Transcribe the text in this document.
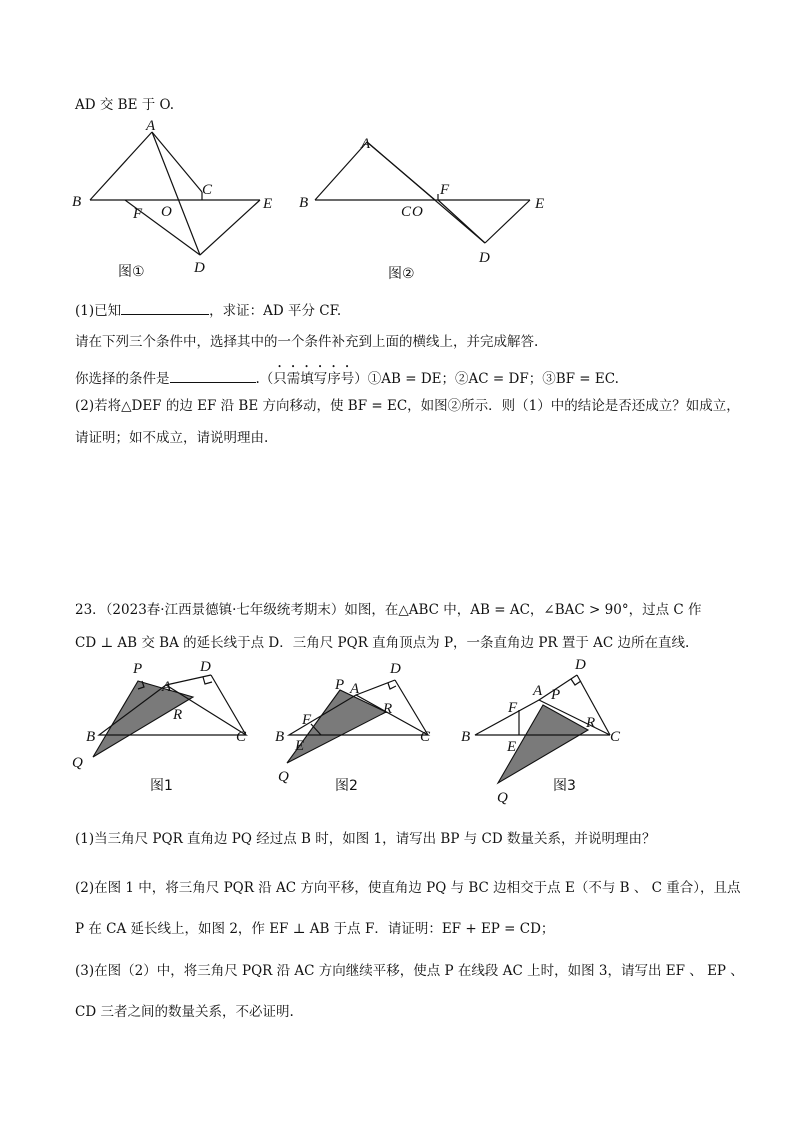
AD 交 BE 于 O.
A
B
C
F O	E
D
图①
A
B
C O
F
E
D
图②
(1)已知	，求证：AD 平分 CF.
请在下列三个条件中，选择其中的一个条件补充到上面的横线上，并完成解答.
你选择的条件是	.（只需填写序号）①AB = DE；②AC = DF；③BF = EC.
(2)若将△DEF 的边 EF 沿 BE 方向移动，使 BF = EC，如图②所示．则（1）中的结论是否还成立？如成立，
请证明；如不成立，请说明理由.
23．（2023春·江西景德镇·七年级统考期末）如图，在△ABC 中，AB = AC，∠BAC > 90°，过点 C 作
CD ⊥ AB 交 BA 的延长线于点 D．三角尺 PQR 直角顶点为 P，一条直角边 PR 置于 AC 边所在直线.
P	D
A
R
B	C
Q
图1
P A
D
F
R
B
E
C
Q
图2
D
A P
F
R
B
E
C
Q
图3
(1)当三角尺 PQR 直角边 PQ 经过点 B 时，如图 1，请写出 BP 与 CD 数量关系，并说明理由？
(2)在图 1 中，将三角尺 PQR 沿 AC 方向平移，使直角边 PQ 与 BC 边相交于点 E（不与 B 、 C 重合），且点
P 在 CA 延长线上，如图 2，作 EF ⊥ AB 于点 F．请证明：EF + EP = CD；
(3)在图（2）中，将三角尺 PQR 沿 AC 方向继续平移，使点 P 在线段 AC 上时，如图 3，请写出 EF 、 EP 、
CD 三者之间的数量关系，不必证明.
